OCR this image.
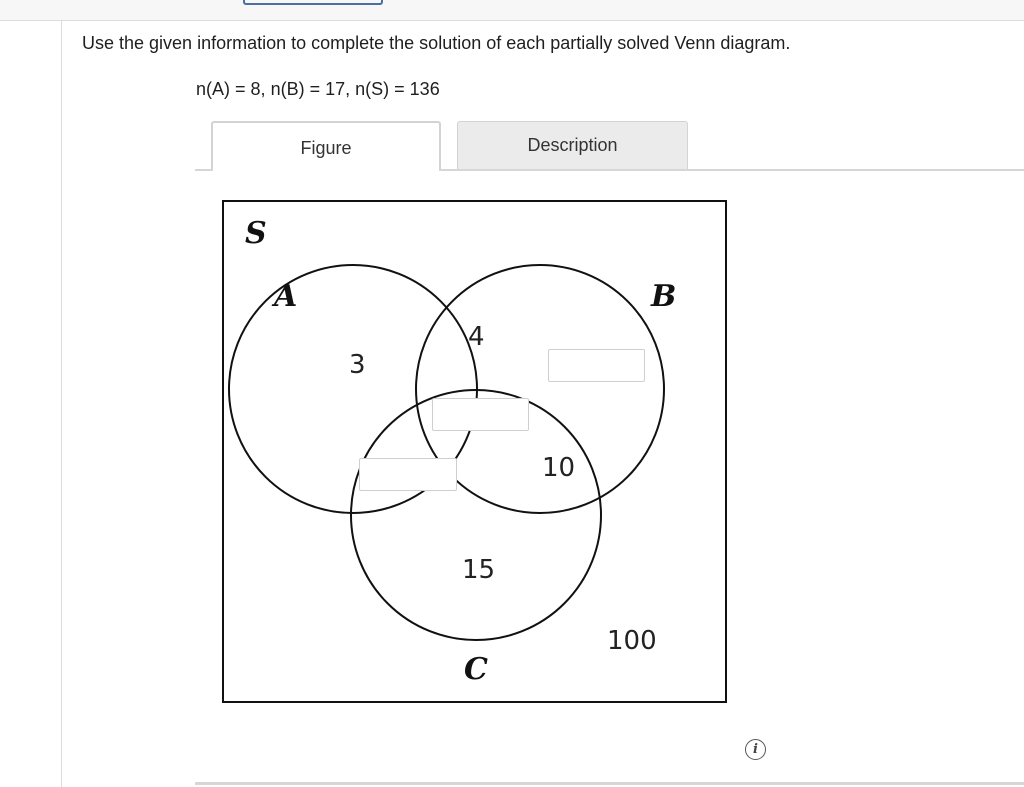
Use the given information to complete the solution of each partially solved Venn diagram.
n(A) = 8, n(B) = 17, n(S) = 136
Figure	Description
S
A	B
C
3
4
10
15
100
i
